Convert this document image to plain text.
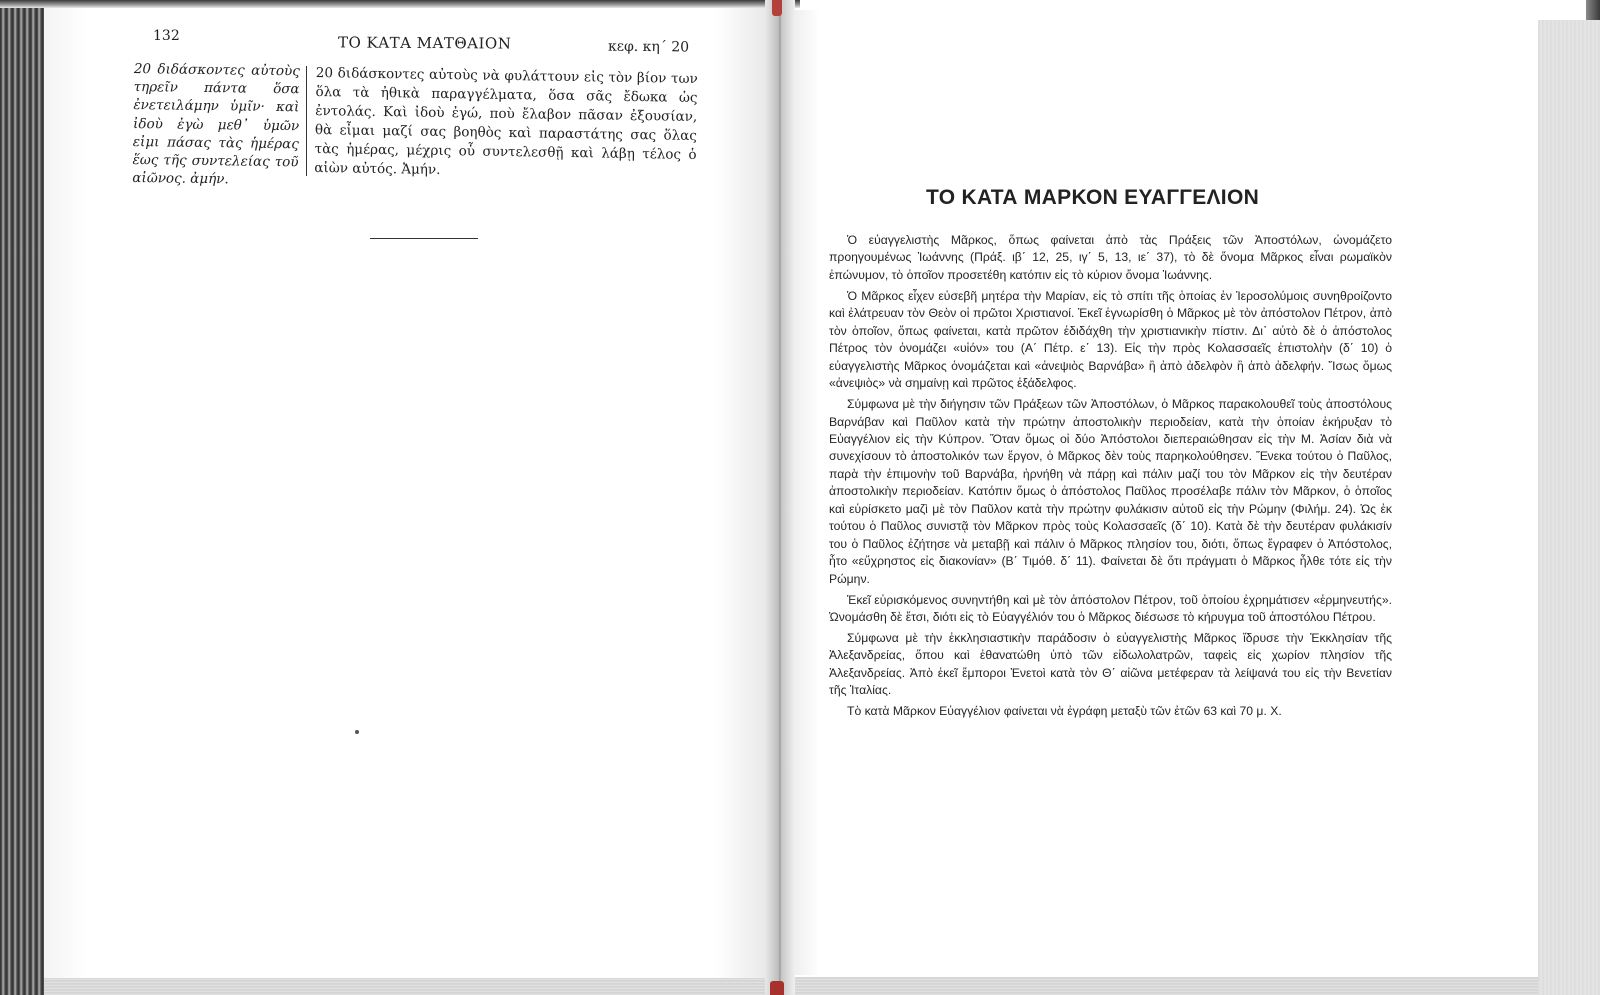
132	ΤΟ ΚΑΤΑ ΜΑΤΘΑΙΟΝ	κεφ. κη΄ 20
20 διδάσκοντες αὐτοὺς τηρεῖν πάντα ὅσα ἐνετειλάμην ὑμῖν· καὶ ἰδοὺ ἐγὼ μεθ᾽ ὑμῶν εἰμι πάσας τὰς ἡμέρας ἕως τῆς συντελείας τοῦ αἰῶνος. ἀμήν.
20 διδάσκοντες αὐτοὺς νὰ φυλάττουν εἰς τὸν βίον των ὅλα τὰ ἠθικὰ παραγγέλματα, ὅσα σᾶς ἔδωκα ὡς ἐντολάς. Καὶ ἰδοὺ ἐγώ, ποὺ ἔλαβον πᾶσαν ἐξουσίαν, θὰ εἶμαι μαζί σας βοηθὸς καὶ παραστάτης σας ὅλας τὰς ἡμέρας, μέχρις οὗ συντελεσθῇ καὶ λάβῃ τέλος ὁ αἰὼν αὐτός. Ἀμήν.
ΤΟ ΚΑΤΑ ΜΑΡΚΟΝ ΕΥΑΓΓΕΛΙΟΝ

Ὁ εὐαγγελιστὴς Μᾶρκος, ὅπως φαίνεται ἀπὸ τὰς Πράξεις τῶν Ἀποστόλων, ὠνομάζετο προηγουμένως Ἰωάννης (Πράξ. ιβ΄ 12, 25, ιγ΄ 5, 13, ιε΄ 37), τὸ δὲ ὄνομα Μᾶρκος εἶναι ρωμαϊκὸν ἐπώνυμον, τὸ ὁποῖον προσετέθη κατόπιν εἰς τὸ κύριον ὄνομα Ἰωάννης.

Ὁ Μᾶρκος εἶχεν εὐσεβῆ μητέρα τὴν Μαρίαν, εἰς τὸ σπίτι τῆς ὁποίας ἐν Ἱεροσολύμοις συνηθροίζοντο καὶ ἐλάτρευαν τὸν Θεὸν οἱ πρῶτοι Χριστιανοί. Ἐκεῖ ἐγνωρίσθη ὁ Μᾶρκος μὲ τὸν ἀπόστολον Πέτρον, ἀπὸ τὸν ὁποῖον, ὅπως φαίνεται, κατὰ πρῶτον ἐδιδάχθη τὴν χριστιανικὴν πίστιν. Δι᾽ αὐτὸ δὲ ὁ ἀπόστολος Πέτρος τὸν ὀνομάζει «υἱόν» του (Α΄ Πέτρ. ε΄ 13). Εἰς τὴν πρὸς Κολασσαεῖς ἐπιστολὴν (δ΄ 10) ὁ εὐαγγελιστὴς Μᾶρκος ὀνομάζεται καὶ «ἀνεψιὸς Βαρνάβα» ἢ ἀπὸ ἀδελφὸν ἢ ἀπὸ ἀδελφήν. Ἴσως ὅμως «ἀνεψιὸς» νὰ σημαίνῃ καὶ πρῶτος ἐξάδελφος.

Σύμφωνα μὲ τὴν διήγησιν τῶν Πράξεων τῶν Ἀποστόλων, ὁ Μᾶρκος παρακολουθεῖ τοὺς ἀποστόλους Βαρνάβαν καὶ Παῦλον κατὰ τὴν πρώτην ἀποστολικὴν περιοδείαν, κατὰ τὴν ὁποίαν ἐκήρυξαν τὸ Εὐαγγέλιον εἰς τὴν Κύπρον. Ὅταν ὅμως οἱ δύο Ἀπόστολοι διεπεραιώθησαν εἰς τὴν Μ. Ἀσίαν διὰ νὰ συνεχίσουν τὸ ἀποστολικόν των ἔργον, ὁ Μᾶρκος δὲν τοὺς παρηκολούθησεν. Ἕνεκα τούτου ὁ Παῦλος, παρὰ τὴν ἐπιμονὴν τοῦ Βαρνάβα, ἠρνήθη νὰ πάρῃ καὶ πάλιν μαζί του τὸν Μᾶρκον εἰς τὴν δευτέραν ἀποστολικὴν περιοδείαν. Κατόπιν ὅμως ὁ ἀπόστολος Παῦλος προσέλαβε πάλιν τὸν Μᾶρκον, ὁ ὁποῖος καὶ εὑρίσκετο μαζὶ μὲ τὸν Παῦλον κατὰ τὴν πρώτην φυλάκισιν αὐτοῦ εἰς τὴν Ρώμην (Φιλήμ. 24). Ὡς ἐκ τούτου ὁ Παῦλος συνιστᾷ τὸν Μᾶρκον πρὸς τοὺς Κολασσαεῖς (δ΄ 10). Κατὰ δὲ τὴν δευτέραν φυλάκισίν του ὁ Παῦλος ἐζήτησε νὰ μεταβῇ καὶ πάλιν ὁ Μᾶρκος πλησίον του, διότι, ὅπως ἔγραφεν ὁ Ἀπόστολος, ἦτο «εὔχρηστος εἰς διακονίαν» (Β΄ Τιμόθ. δ΄ 11). Φαίνεται δὲ ὅτι πράγματι ὁ Μᾶρκος ἦλθε τότε εἰς τὴν Ρώμην.

Ἐκεῖ εὑρισκόμενος συνηντήθη καὶ μὲ τὸν ἀπόστολον Πέτρον, τοῦ ὁποίου ἐχρημάτισεν «ἑρμηνευτής». Ὠνομάσθη δὲ ἔτσι, διότι εἰς τὸ Εὐαγγέλιόν του ὁ Μᾶρκος διέσωσε τὸ κήρυγμα τοῦ ἀποστόλου Πέτρου.

Σύμφωνα μὲ τὴν ἐκκλησιαστικὴν παράδοσιν ὁ εὐαγγελιστὴς Μᾶρκος ἵδρυσε τὴν Ἐκκλησίαν τῆς Ἀλεξανδρείας, ὅπου καὶ ἐθανατώθη ὑπὸ τῶν εἰδωλολατρῶν, ταφεὶς εἰς χωρίον πλησίον τῆς Ἀλεξανδρείας. Ἀπὸ ἐκεῖ ἔμποροι Ἐνετοὶ κατὰ τὸν Θ΄ αἰῶνα μετέφεραν τὰ λείψανά του εἰς τὴν Βενετίαν τῆς Ἰταλίας.

Τὸ κατὰ Μᾶρκον Εὐαγγέλιον φαίνεται νὰ ἐγράφη μεταξὺ τῶν ἐτῶν 63 καὶ 70 μ. Χ.
